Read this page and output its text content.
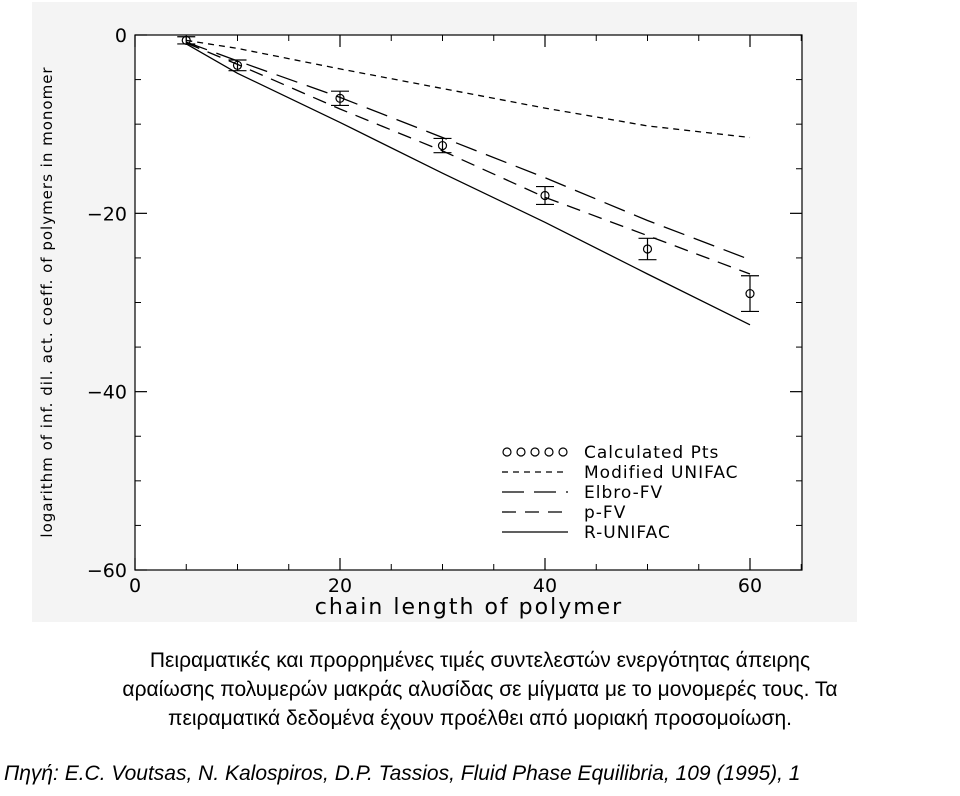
0
−20
−40
−60
0	20	40	60
chain length of polymer
logarithm of inf. dil. act. coeff. of polymers in monomer	Calculated Pts
Modified UNIFAC
Elbro-FV
p-FV
R-UNIFAC

Πειραματικές και προρρημένες τιμές συντελεστών ενεργότητας άπειρης

αραίωσης πολυμερών μακράς αλυσίδας σε μίγματα με το μονομερές τους. Τα

πειραματικά δεδομένα έχουν προέλθει από μοριακή προσομοίωση.

Πηγή: E.C. Voutsas, N. Kalospiros, D.P. Tassios, Fluid Phase Equilibria, 109 (1995), 1
